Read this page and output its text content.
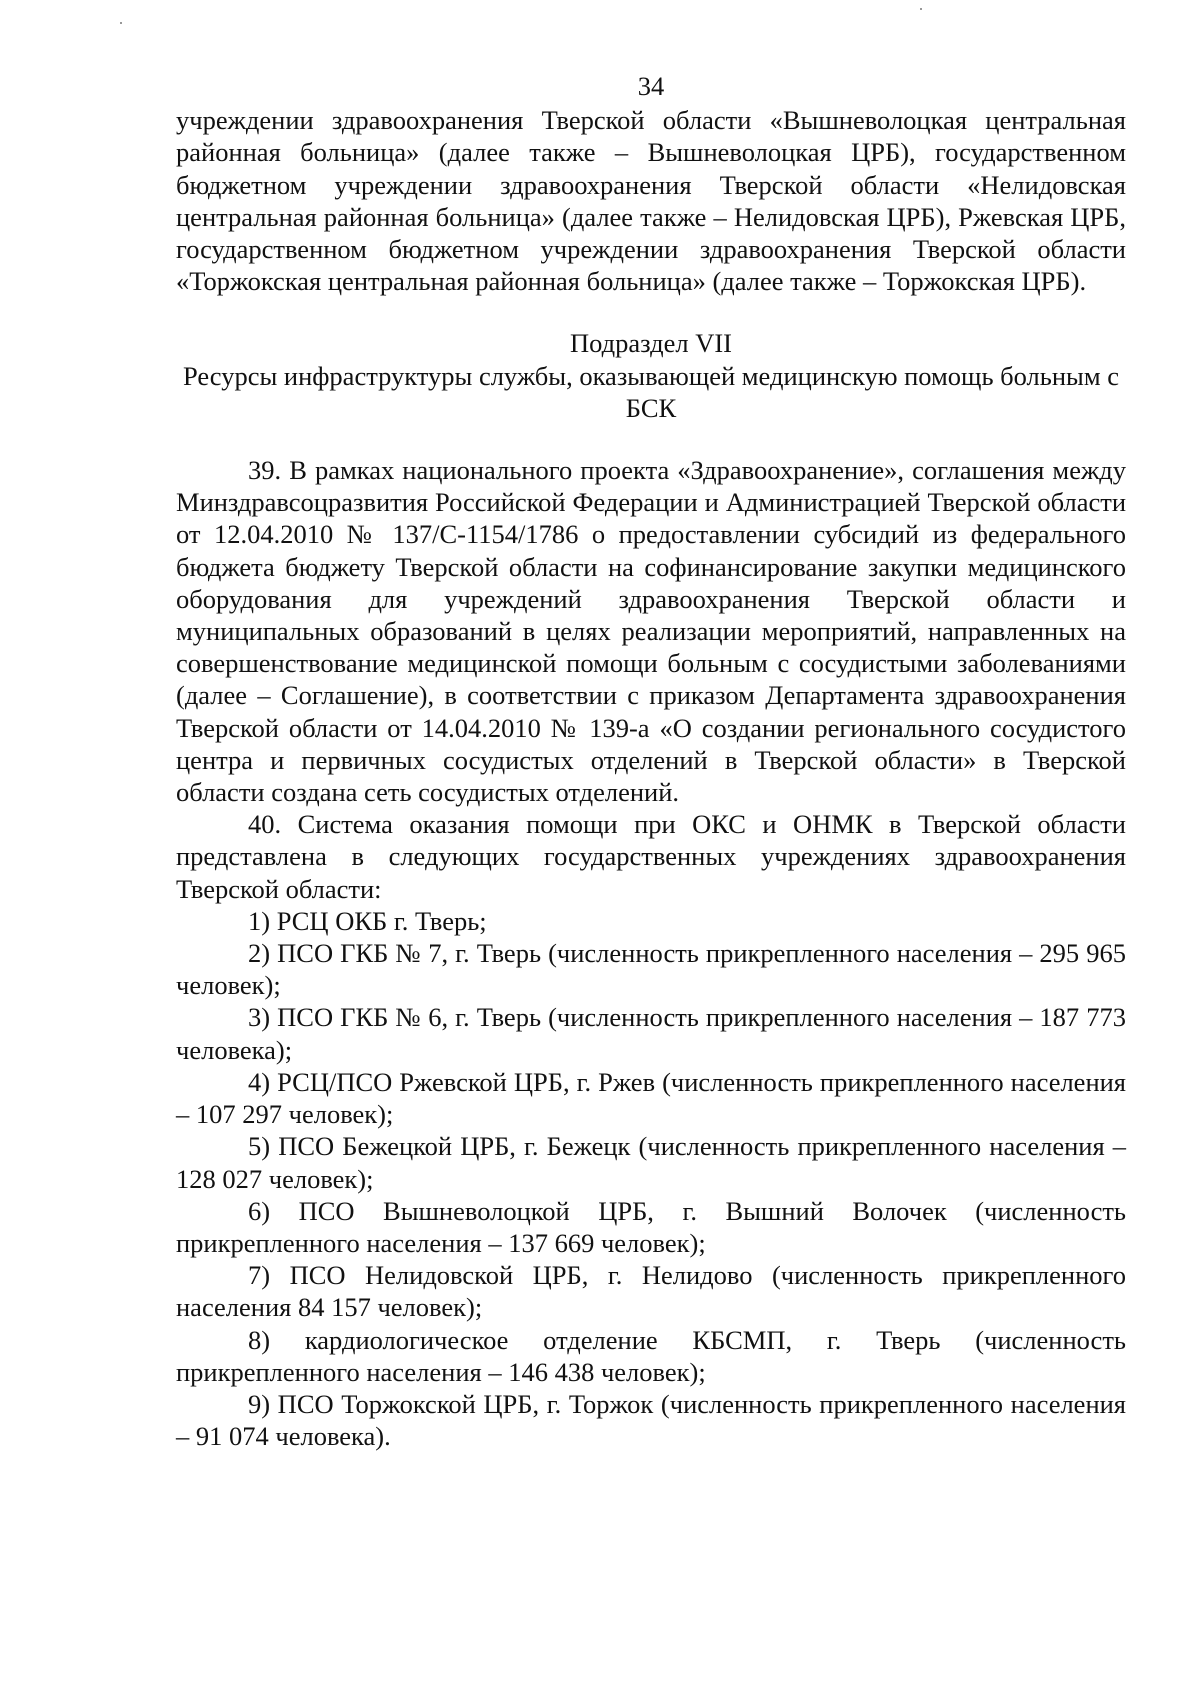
34

учреждении здравоохранения Тверской области «Вышневолоцкая центральная районная больница» (далее также – Вышневолоцкая ЦРБ), государственном бюджетном учреждении здравоохранения Тверской области «Нелидовская центральная районная больница» (далее также – Нелидовская ЦРБ), Ржевская ЦРБ, государственном бюджетном учреждении здравоохранения Тверской области «Торжокская центральная районная больница» (далее также – Торжокская ЦРБ).

Подраздел VII

Ресурсы инфраструктуры службы, оказывающей медицинскую помощь больным с БСК

39. В рамках национального проекта «Здравоохранение», соглашения между Минздравсоцразвития Российской Федерации и Администрацией Тверской области от 12.04.2010 № 137/С-1154/1786 о предоставлении субсидий из федерального бюджета бюджету Тверской области на софинансирование закупки медицинского оборудования для учреждений здравоохранения Тверской области и муниципальных образований в целях реализации мероприятий, направленных на совершенствование медицинской помощи больным с сосудистыми заболеваниями (далее – Соглашение), в соответствии с приказом Департамента здравоохранения Тверской области от 14.04.2010 № 139-а «О создании регионального сосудистого центра и первичных сосудистых отделений в Тверской области» в Тверской области создана сеть сосудистых отделений.

40. Система оказания помощи при ОКС и ОНМК в Тверской области представлена в следующих государственных учреждениях здравоохранения Тверской области:

1) РСЦ ОКБ г. Тверь;
2) ПСО ГКБ № 7, г. Тверь (численность прикрепленного населения – 295 965 человек);
3) ПСО ГКБ № 6, г. Тверь (численность прикрепленного населения – 187 773 человека);
4) РСЦ/ПСО Ржевской ЦРБ, г. Ржев (численность прикрепленного населения – 107 297 человек);
5) ПСО Бежецкой ЦРБ, г. Бежецк (численность прикрепленного населения – 128 027 человек);
6) ПСО Вышневолоцкой ЦРБ, г. Вышний Волочек (численность прикрепленного населения – 137 669 человек);
7) ПСО Нелидовской ЦРБ, г. Нелидово (численность прикрепленного населения 84 157 человек);
8) кардиологическое отделение КБСМП, г. Тверь (численность прикрепленного населения – 146 438 человек);
9) ПСО Торжокской ЦРБ, г. Торжок (численность прикрепленного населения – 91 074 человека).
